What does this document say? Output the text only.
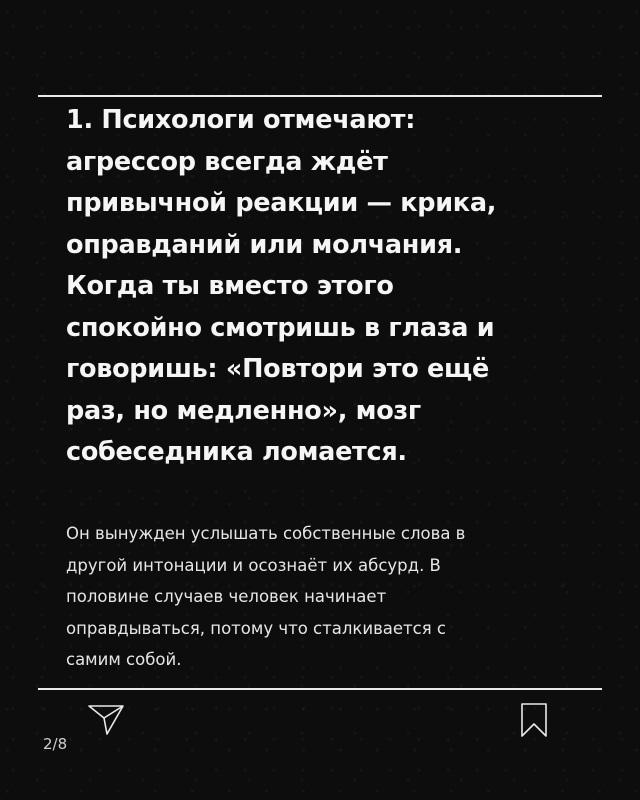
1. Психологи отмечают:
агрессор всегда ждёт
привычной реакции — крика,
оправданий или молчания.
Когда ты вместо этого
спокойно смотришь в глаза и
говоришь: «Повтори это ещё
раз, но медленно», мозг
собеседника ломается.

Он вынужден услышать собственные слова в
другой интонации и осознаёт их абсурд. В
половине случаев человек начинает
оправдываться, потому что сталкивается с
самим собой.

2/8
